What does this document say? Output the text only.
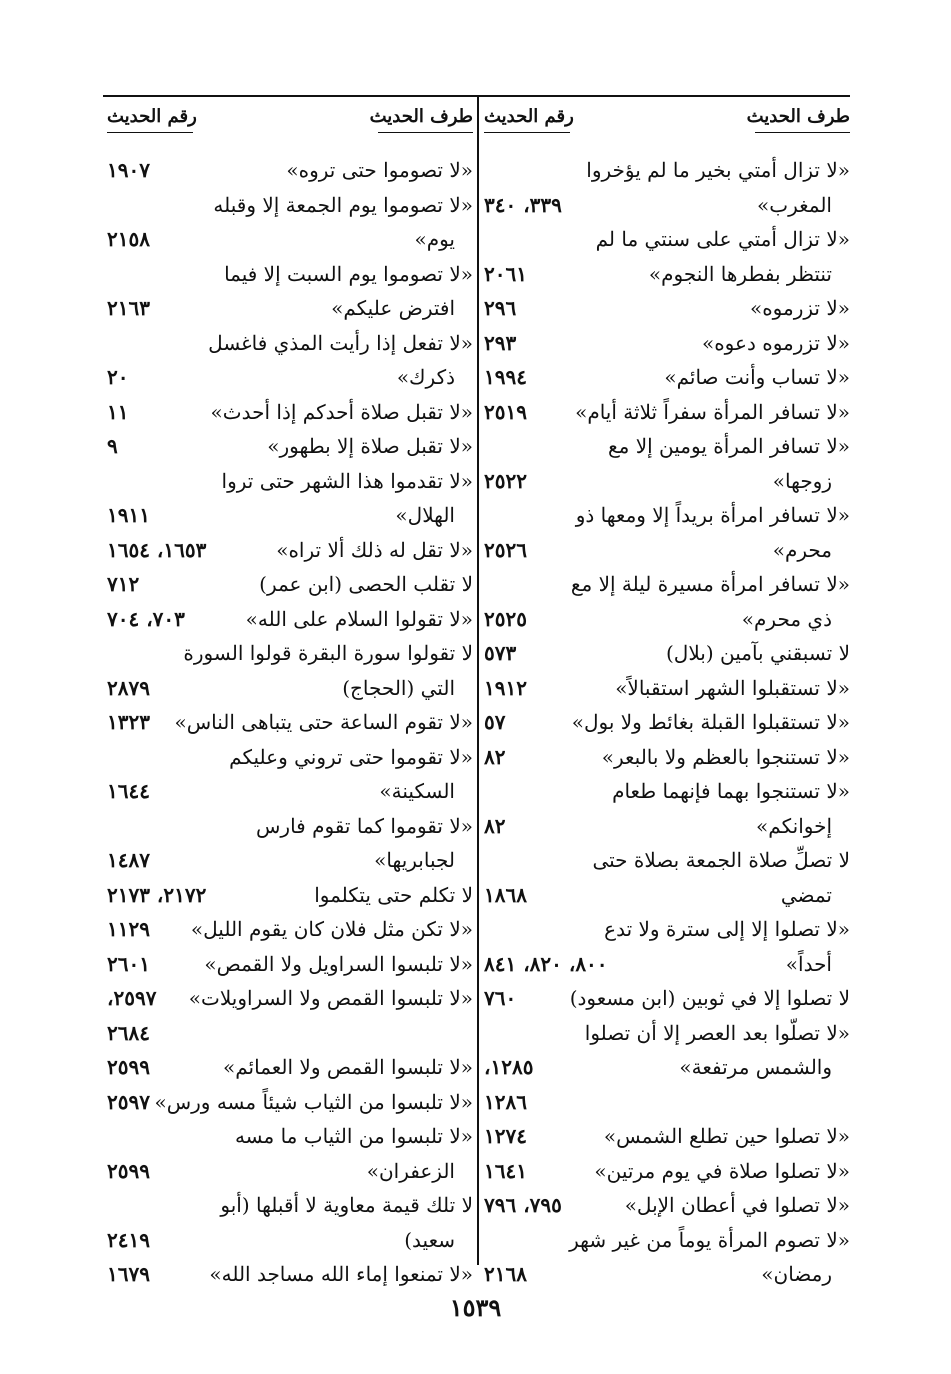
طرف الحديث
رقم الحديث
«لا تزال أمتي بخير ما لم يؤخروا
المغرب»
٣٣٩، ٣٤٠
«لا تزال أمتي على سنتي ما لم
تنتظر بفطرها النجوم»
٢٠٦١
«لا تزرموه»
٢٩٦
«لا تزرموه دعوه»
٢٩٣
«لا تساب وأنت صائم»
١٩٩٤
«لا تسافر المرأة سفراً ثلاثة أيام»
٢٥١٩
«لا تسافر المرأة يومين إلا مع
زوجها»
٢٥٢٢
«لا تسافر امرأة بريداً إلا ومعها ذو
محرم»
٢٥٢٦
«لا تسافر امرأة مسيرة ليلة إلا مع
ذي محرم»
٢٥٢٥
لا تسبقني بآمين (بلال)
٥٧٣
«لا تستقبلوا الشهر استقبالاً»
١٩١٢
«لا تستقبلوا القبلة بغائط ولا بول»
٥٧
«لا تستنجوا بالعظم ولا بالبعر»
٨٢
«لا تستنجوا بهما فإنهما طعام
إخوانكم»
٨٢
لا تصلِّ صلاة الجمعة بصلاة حتى
تمضي
١٨٦٨
«لا تصلوا إلا إلى سترة ولا تدع
أحداً»
٨٠٠، ٨٢٠، ٨٤١
لا تصلوا إلا في ثوبين (ابن مسعود)
٧٦٠
«لا تصلّوا بعد العصر إلا أن تصلوا
والشمس مرتفعة»
١٢٨٥،
١٢٨٦
«لا تصلوا حين تطلع الشمس»
١٢٧٤
«لا تصلوا صلاة في يوم مرتين»
١٦٤١
«لا تصلوا في أعطان الإبل»
٧٩٥، ٧٩٦
«لا تصوم المرأة يوماً من غير شهر
رمضان»
٢١٦٨
طرف الحديث
رقم الحديث
«لا تصوموا حتى تروه»
١٩٠٧
«لا تصوموا يوم الجمعة إلا وقبله
يوم»
٢١٥٨
«لا تصوموا يوم السبت إلا فيما
افترض عليكم»
٢١٦٣
«لا تفعل إذا رأيت المذي فاغسل
ذكرك»
٢٠
«لا تقبل صلاة أحدكم إذا أحدث»
١١
«لا تقبل صلاة إلا بطهور»
٩
«لا تقدموا هذا الشهر حتى تروا
الهلال»
١٩١١
«لا تقل له ذلك ألا تراه»
١٦٥٣، ١٦٥٤
لا تقلب الحصى (ابن عمر)
٧١٢
«لا تقولوا السلام على الله»
٧٠٣، ٧٠٤
لا تقولوا سورة البقرة قولوا السورة
التي (الحجاج)
٢٨٧٩
«لا تقوم الساعة حتى يتباهى الناس»
١٣٢٣
«لا تقوموا حتى تروني وعليكم
السكينة»
١٦٤٤
«لا تقوموا كما تقوم فارس
لجبابريها»
١٤٨٧
لا تكلم حتى يتكلموا
٢١٧٢، ٢١٧٣
«لا تكن مثل فلان كان يقوم الليل»
١١٢٩
«لا تلبسوا السراويل ولا القمص»
٢٦٠١
«لا تلبسوا القمص ولا السراويلات»
٢٥٩٧،
٢٦٨٤
«لا تلبسوا القمص ولا العمائم»
٢٥٩٩
«لا تلبسوا من الثياب شيئاً مسه ورس»
٢٥٩٧
«لا تلبسوا من الثياب ما مسه
الزعفران»
٢٥٩٩
لا تلك قيمة معاوية لا أقبلها (أبو
سعيد)
٢٤١٩
«لا تمنعوا إماء الله مساجد الله»
١٦٧٩
١٥٣٩
